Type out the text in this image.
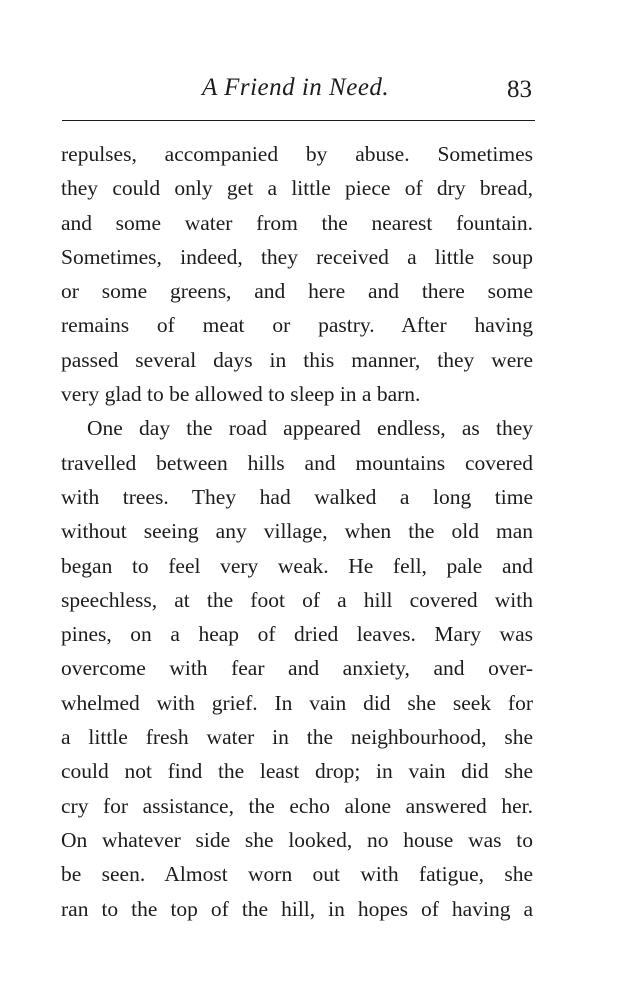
A Friend in Need.	83
repulses, accompanied by abuse. Sometimes
they could only get a little piece of dry bread,
and some water from the nearest fountain.
Sometimes, indeed, they received a little soup
or some greens, and here and there some
remains of meat or pastry. After having
passed several days in this manner, they were
very glad to be allowed to sleep in a barn.
One day the road appeared endless, as they
travelled between hills and mountains covered
with trees. They had walked a long time
without seeing any village, when the old man
began to feel very weak. He fell, pale and
speechless, at the foot of a hill covered with
pines, on a heap of dried leaves. Mary was
overcome with fear and anxiety, and over-
whelmed with grief. In vain did she seek for
a little fresh water in the neighbourhood, she
could not find the least drop; in vain did she
cry for assistance, the echo alone answered her.
On whatever side she looked, no house was to
be seen. Almost worn out with fatigue, she
ran to the top of the hill, in hopes of having a
